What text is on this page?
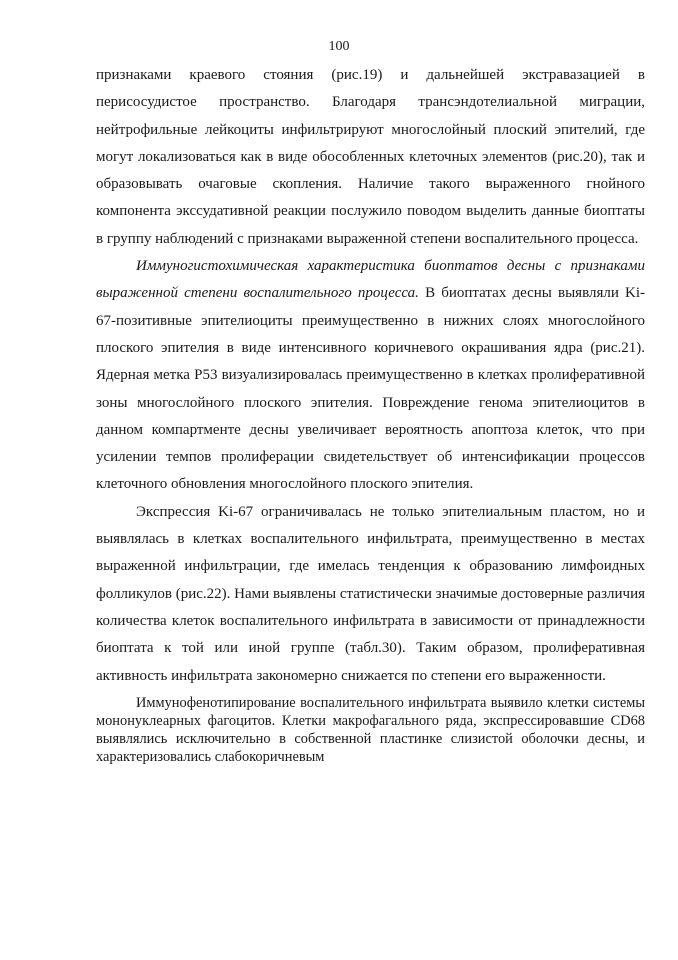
100

признаками краевого стояния (рис.19) и дальнейшей экстравазацией в перисосудистое пространство. Благодаря трансэндотелиальной миграции, нейтрофильные лейкоциты инфильтрируют многослойный плоский эпителий, где могут локализоваться как в виде обособленных клеточных элементов (рис.20), так и образовывать очаговые скопления. Наличие такого выраженного гнойного компонента экссудативной реакции послужило поводом выделить данные биоптаты в группу наблюдений с признаками выраженной степени воспалительного процесса.

Иммуногистохимическая характеристика биоптатов десны с признаками выраженной степени воспалительного процесса. В биоптатах десны выявляли Ki-67-позитивные эпителиоциты преимущественно в нижних слоях многослойного плоского эпителия в виде интенсивного коричневого окрашивания ядра (рис.21). Ядерная метка P53 визуализировалась преимущественно в клетках пролиферативной зоны многослойного плоского эпителия. Повреждение генома эпителиоцитов в данном компартменте десны увеличивает вероятность апоптоза клеток, что при усилении темпов пролиферации свидетельствует об интенсификации процессов клеточного обновления многослойного плоского эпителия.

Экспрессия Ki-67 ограничивалась не только эпителиальным пластом, но и выявлялась в клетках воспалительного инфильтрата, преимущественно в местах выраженной инфильтрации, где имелась тенденция к образованию лимфоидных фолликулов (рис.22). Нами выявлены статистически значимые достоверные различия количества клеток воспалительного инфильтрата в зависимости от принадлежности биоптата к той или иной группе (табл.30). Таким образом, пролиферативная активность инфильтрата закономерно снижается по степени его выраженности.

Иммунофенотипирование воспалительного инфильтрата выявило клетки системы мононуклеарных фагоцитов. Клетки макрофагального ряда, экспрессировавшие CD68 выявлялись исключительно в собственной пластинке слизистой оболочки десны, и характеризовались слабокоричневым
